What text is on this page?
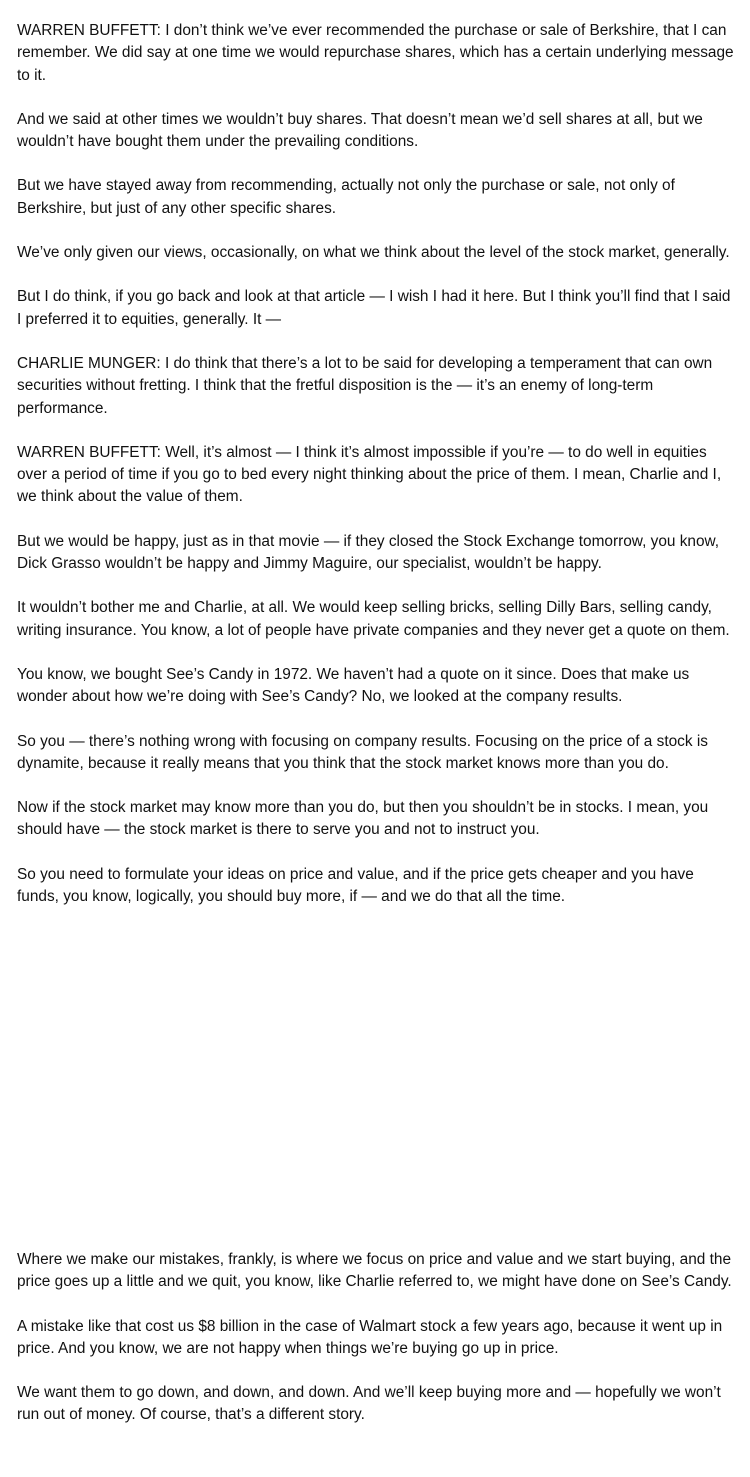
WARREN BUFFETT: I don’t think we’ve ever recommended the purchase or sale of Berkshire, that I can remember. We did say at one time we would repurchase shares, which has a certain underlying message to it.

And we said at other times we wouldn’t buy shares. That doesn’t mean we’d sell shares at all, but we wouldn’t have bought them under the prevailing conditions.

But we have stayed away from recommending, actually not only the purchase or sale, not only of Berkshire, but just of any other specific shares.

We’ve only given our views, occasionally, on what we think about the level of the stock market, generally.

But I do think, if you go back and look at that article — I wish I had it here. But I think you’ll find that I said I preferred it to equities, generally. It —

CHARLIE MUNGER: I do think that there’s a lot to be said for developing a temperament that can own securities without fretting. I think that the fretful disposition is the — it’s an enemy of long-term performance.

WARREN BUFFETT: Well, it’s almost — I think it’s almost impossible if you’re — to do well in equities over a period of time if you go to bed every night thinking about the price of them. I mean, Charlie and I, we think about the value of them.

But we would be happy, just as in that movie — if they closed the Stock Exchange tomorrow, you know, Dick Grasso wouldn’t be happy and Jimmy Maguire, our specialist, wouldn’t be happy.

It wouldn’t bother me and Charlie, at all. We would keep selling bricks, selling Dilly Bars, selling candy, writing insurance. You know, a lot of people have private companies and they never get a quote on them.

You know, we bought See’s Candy in 1972. We haven’t had a quote on it since. Does that make us wonder about how we’re doing with See’s Candy? No, we looked at the company results.

So you — there’s nothing wrong with focusing on company results. Focusing on the price of a stock is dynamite, because it really means that you think that the stock market knows more than you do.

Now if the stock market may know more than you do, but then you shouldn’t be in stocks. I mean, you should have — the stock market is there to serve you and not to instruct you.

So you need to formulate your ideas on price and value, and if the price gets cheaper and you have funds, you know, logically, you should buy more, if — and we do that all the time.

Where we make our mistakes, frankly, is where we focus on price and value and we start buying, and the price goes up a little and we quit, you know, like Charlie referred to, we might have done on See’s Candy.

A mistake like that cost us $8 billion in the case of Walmart stock a few years ago, because it went up in price. And you know, we are not happy when things we’re buying go up in price.

We want them to go down, and down, and down. And we’ll keep buying more and — hopefully we won’t run out of money. Of course, that’s a different story.
